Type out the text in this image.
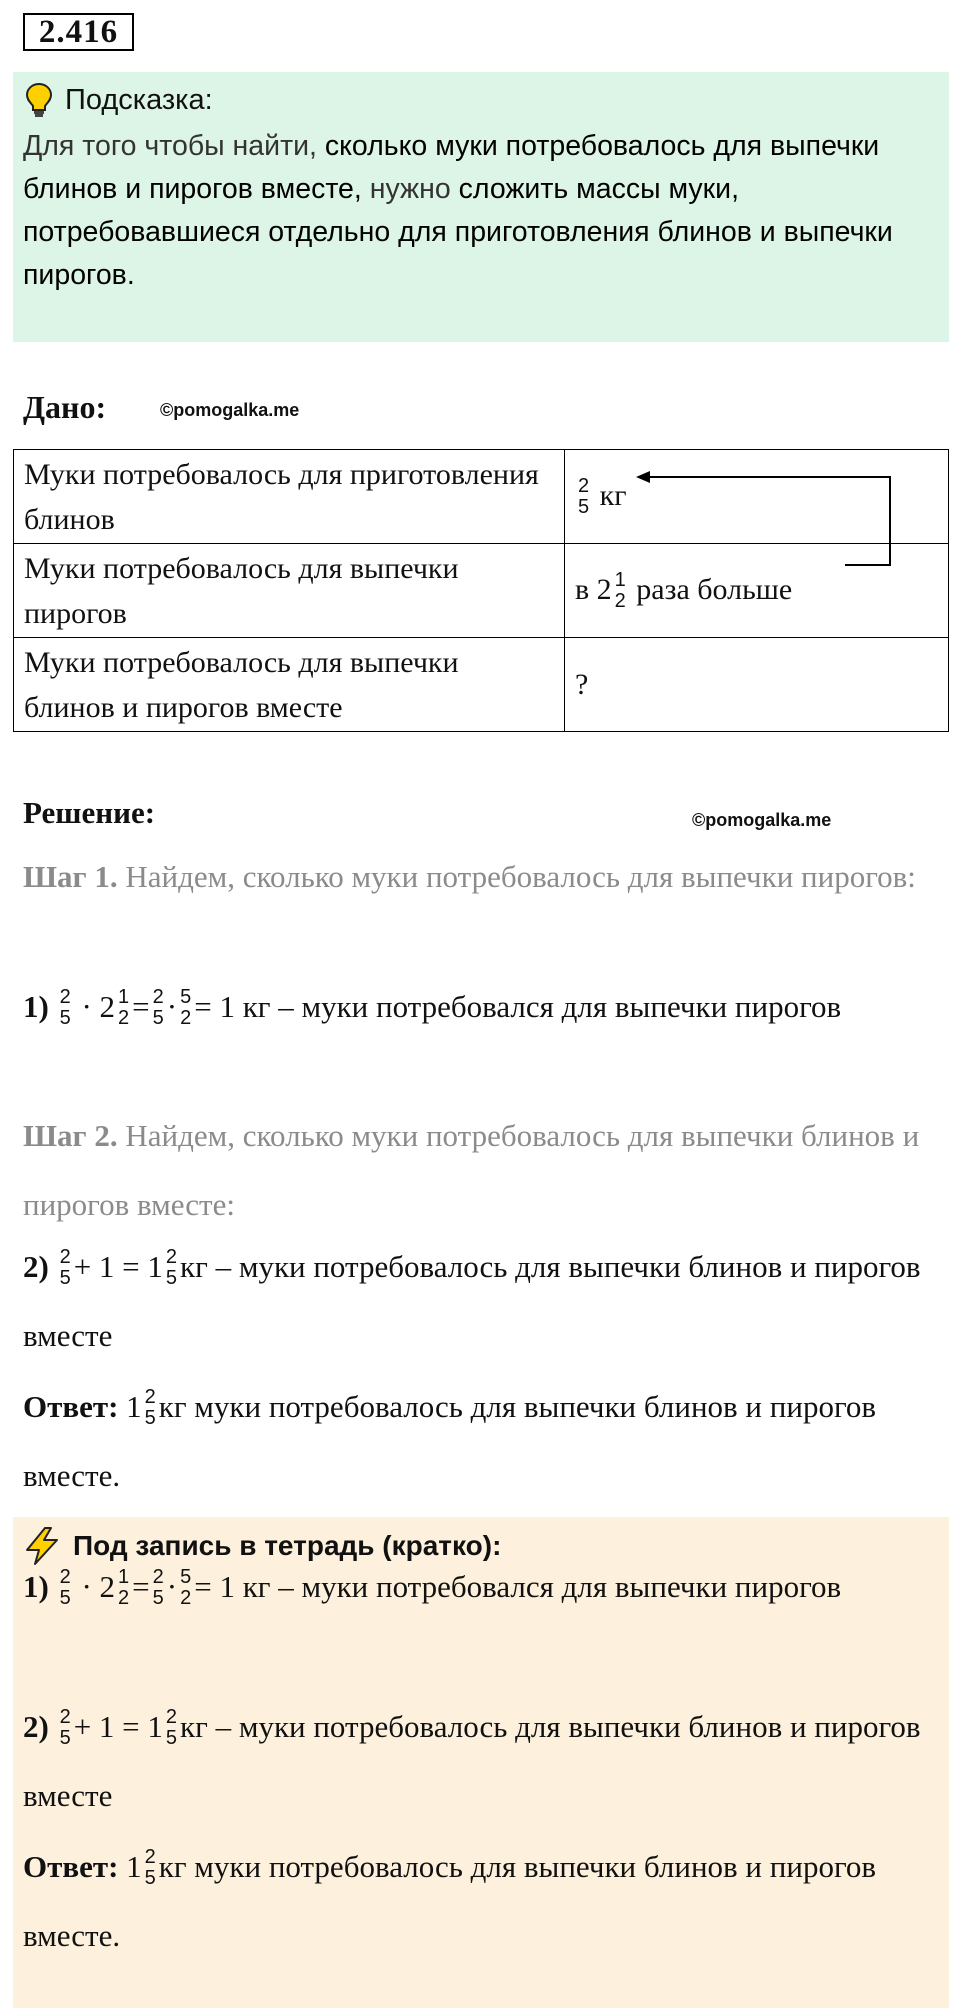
2.416
Подсказка:
Для того чтобы найти, сколько муки потребовалось для выпечки блинов и пирогов вместе, нужно сложить массы муки, потребовавшиеся отдельно для приготовления блинов и выпечки пирогов.
Дано:	©pomogalka.me
Муки потребовалось для приготовления блинов	2
5 кг
Муки потребовалось для выпечки пирогов	в 2 1
2 раза больше
Муки потребовалось для выпечки блинов и пирогов вместе	?
Решение:	©pomogalka.me
Шаг 1. Найдем, сколько муки потребовалось для выпечки пирогов:
1) 2
5 · 2 1
2 = 2
5 · 5
2 = 1 кг – муки потребовался для выпечки пирогов
Шаг 2. Найдем, сколько муки потребовалось для выпечки блинов и пирогов вместе:
2) 2
5 + 1 = 1 2
5 кг – муки потребовалось для выпечки блинов и пирогов вместе
Ответ: 1 2
5 кг муки потребовалось для выпечки блинов и пирогов вместе.
Под запись в тетрадь (кратко):
1) 2
5 · 2 1
2 = 2
5 · 5
2 = 1 кг – муки потребовался для выпечки пирогов
2) 2
5 + 1 = 1 2
5 кг – муки потребовалось для выпечки блинов и пирогов вместе
Ответ: 1 2
5 кг муки потребовалось для выпечки блинов и пирогов вместе.
